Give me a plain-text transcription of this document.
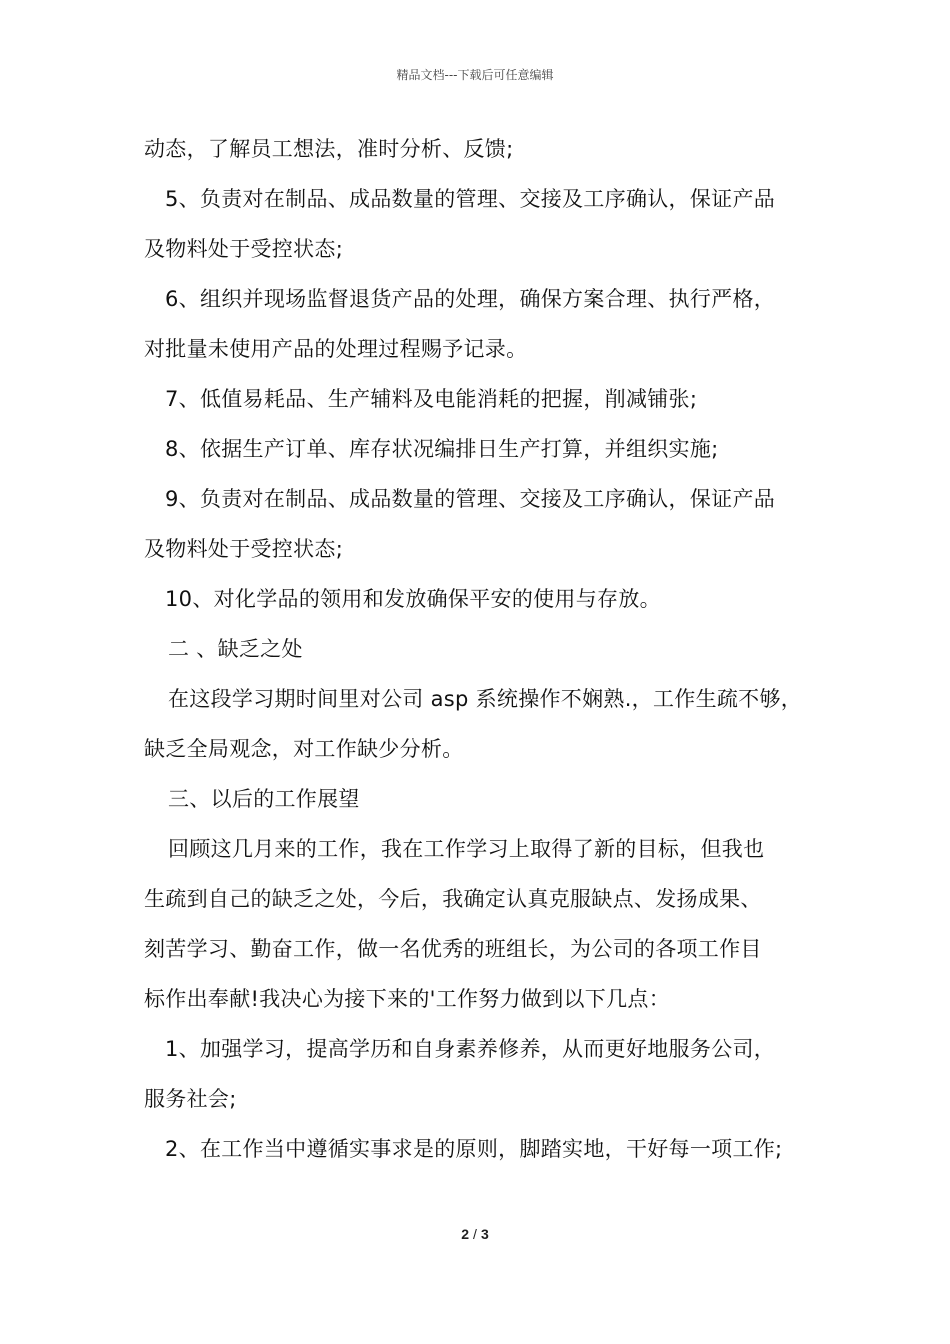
精品文档---下载后可任意编辑

动态，了解员工想法，准时分析、反馈;

5、负责对在制品、成品数量的管理、交接及工序确认，保证产品

及物料处于受控状态;

6、组织并现场监督退货产品的处理，确保方案合理、执行严格，

对批量未使用产品的处理过程赐予记录。

7、低值易耗品、生产辅料及电能消耗的把握，削减铺张;

8、依据生产订单、库存状况编排日生产打算，并组织实施;

9、负责对在制品、成品数量的管理、交接及工序确认，保证产品

及物料处于受控状态;

10、对化学品的领用和发放确保平安的使用与存放。

二 、缺乏之处

在这段学习期时间里对公司 asp 系统操作不娴熟.，工作生疏不够，

缺乏全局观念，对工作缺少分析。

三、以后的工作展望

回顾这几月来的工作，我在工作学习上取得了新的目标，但我也

生疏到自己的缺乏之处，今后，我确定认真克服缺点、发扬成果、

刻苦学习、勤奋工作，做一名优秀的班组长，为公司的各项工作目

标作出奉献!我决心为接下来的'工作努力做到以下几点：

1、加强学习，提高学历和自身素养修养，从而更好地服务公司，

服务社会;

2、在工作当中遵循实事求是的原则，脚踏实地，干好每一项工作;

2 / 3
